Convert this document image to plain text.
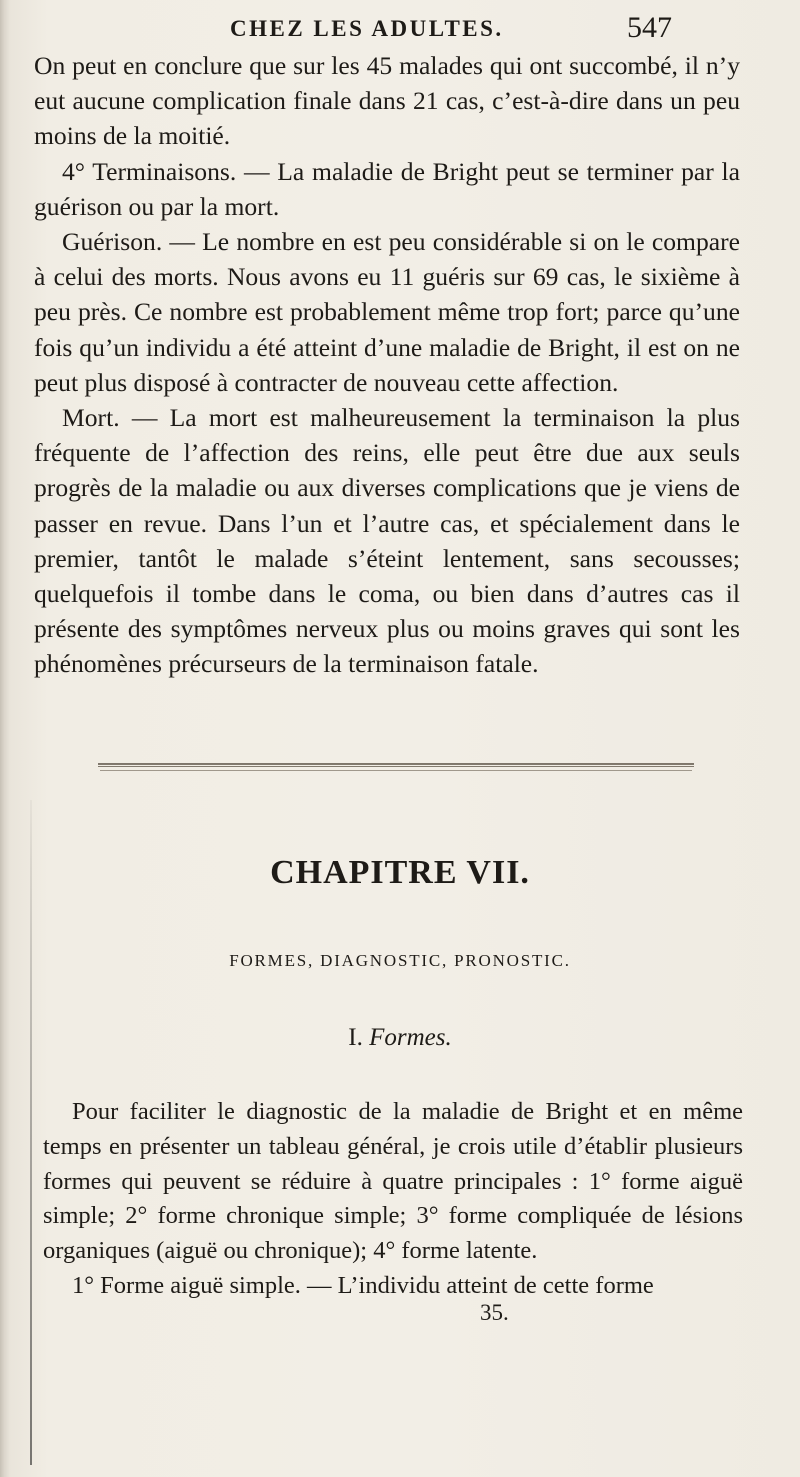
CHEZ LES ADULTES.	547

On peut en conclure que sur les 45 malades qui ont succombé, il n’y eut aucune complication finale dans 21 cas, c’est-à-dire dans un peu moins de la moitié.

4° Terminaisons. — La maladie de Bright peut se terminer par la guérison ou par la mort.

Guérison. — Le nombre en est peu considérable si on le compare à celui des morts. Nous avons eu 11 guéris sur 69 cas, le sixième à peu près. Ce nombre est probablement même trop fort; parce qu’une fois qu’un individu a été atteint d’une maladie de Bright, il est on ne peut plus disposé à contracter de nouveau cette affection.

Mort. — La mort est malheureusement la terminaison la plus fréquente de l’affection des reins, elle peut être due aux seuls progrès de la maladie ou aux diverses complications que je viens de passer en revue. Dans l’un et l’autre cas, et spécialement dans le premier, tantôt le malade s’éteint lentement, sans secousses; quelquefois il tombe dans le coma, ou bien dans d’autres cas il présente des symptômes nerveux plus ou moins graves qui sont les phénomènes précurseurs de la terminaison fatale.

CHAPITRE VII.
FORMES, DIAGNOSTIC, PRONOSTIC.
I. Formes.

Pour faciliter le diagnostic de la maladie de Bright et en même temps en présenter un tableau général, je crois utile d’établir plusieurs formes qui peuvent se réduire à quatre principales : 1° forme aiguë simple; 2° forme chronique simple; 3° forme compliquée de lésions organiques (aiguë ou chronique); 4° forme latente.

1° Forme aiguë simple. — L’individu atteint de cette forme

35.
